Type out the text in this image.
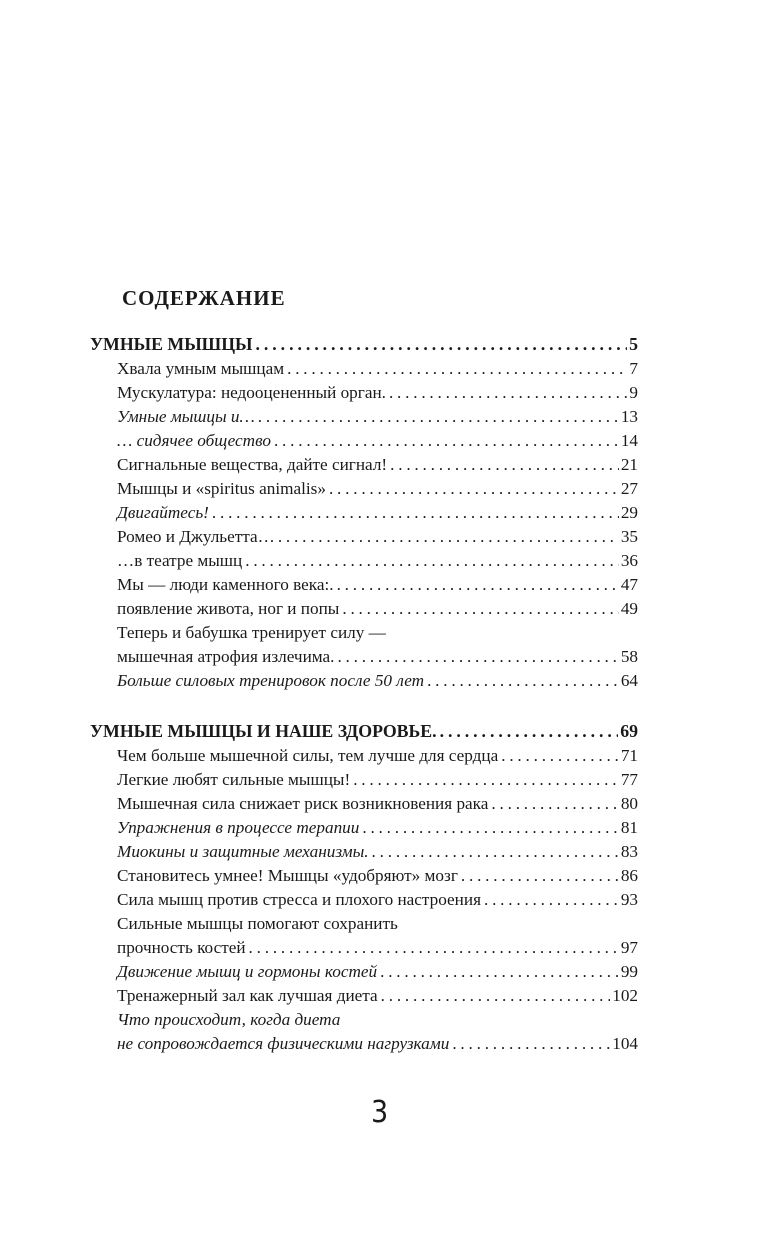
СОДЕРЖАНИЕ
УМНЫЕ МЫШЦЫ . . .	5
Хвала умным мышцам . . .	7
Мускулатура: недооцененный орган. . . .	9
Умные мышцы и… . . .	13
… сидячее общество . . .	14
Сигнальные вещества, дайте сигнал! . . .	21
Мышцы и «spiritus animalis» . . .	27
Двигайтесь! . . .	29
Ромео и Джульетта… . . .	35
…в театре мышц . . .	36
Мы — люди каменного века:. . . .	47
появление живота, ног и попы . . .	49
Теперь и бабушка тренирует силу —
мышечная атрофия излечима. . . .	58
Больше силовых тренировок после 50 лет . . .	64
УМНЫЕ МЫШЦЫ И НАШЕ ЗДОРОВЬЕ. . . .	69
Чем больше мышечной силы, тем лучше для сердца . . .	71
Легкие любят сильные мышцы! . . .	77
Мышечная сила снижает риск возникновения рака . . .	80
Упражнения в процессе терапии . . .	81
Миокины и защитные механизмы. . . .	83
Становитесь умнее! Мышцы «удобряют» мозг . . .	86
Сила мышц против стресса и плохого настроения . . .	93
Сильные мышцы помогают сохранить
прочность костей . . .	97
Движение мышц и гормоны костей . . .	99
Тренажерный зал как лучшая диета . . .	102
Что происходит, когда диета
не сопровождается физическими нагрузками . . .	104
3
